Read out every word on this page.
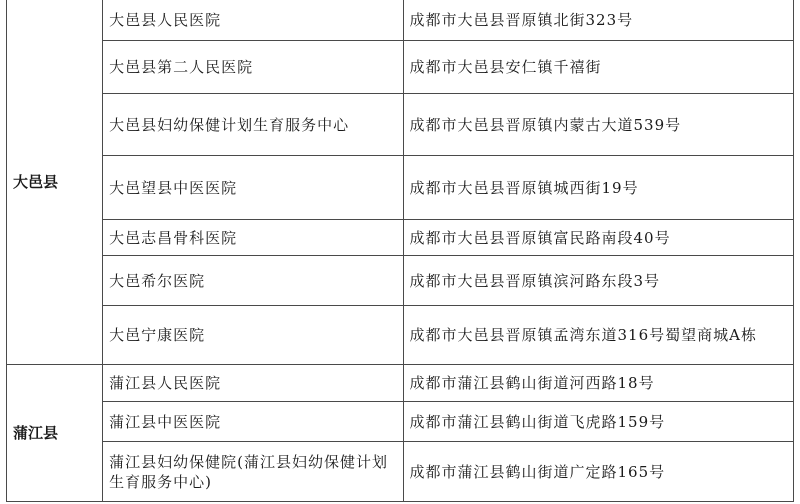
大邑县	大邑县人民医院	成都市大邑县晋原镇北街323号
	大邑县第二人民医院	成都市大邑县安仁镇千禧街
	大邑县妇幼保健计划生育服务中心	成都市大邑县晋原镇内蒙古大道539号
	大邑望县中医医院	成都市大邑县晋原镇城西街19号
	大邑志昌骨科医院	成都市大邑县晋原镇富民路南段40号
	大邑希尔医院	成都市大邑县晋原镇滨河路东段3号
	大邑宁康医院	成都市大邑县晋原镇孟湾东道316号蜀望商城A栋
蒲江县	蒲江县人民医院	成都市蒲江县鹤山街道河西路18号
	蒲江县中医医院	成都市蒲江县鹤山街道飞虎路159号
	蒲江县妇幼保健院(蒲江县妇幼保健计划生育服务中心)	成都市蒲江县鹤山街道广定路165号
